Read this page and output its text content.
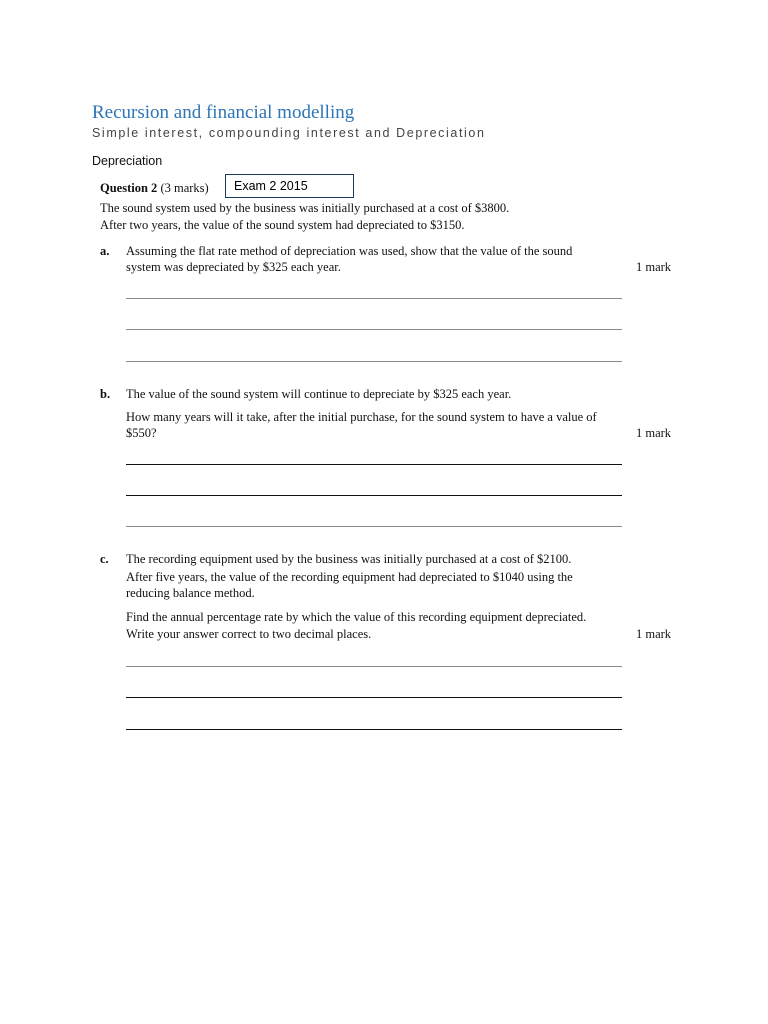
Recursion and financial modelling
Simple interest, compounding interest and Depreciation
Depreciation
Exam 2 2015
Question 2 (3 marks)
The sound system used by the business was initially purchased at a cost of $3800.
After two years, the value of the sound system had depreciated to $3150.
a. Assuming the flat rate method of depreciation was used, show that the value of the sound
system was depreciated by $325 each year.	1 mark
b. The value of the sound system will continue to depreciate by $325 each year.
How many years will it take, after the initial purchase, for the sound system to have a value of
$550?	1 mark
c. The recording equipment used by the business was initially purchased at a cost of $2100.
After five years, the value of the recording equipment had depreciated to $1040 using the
reducing balance method.
Find the annual percentage rate by which the value of this recording equipment depreciated.
Write your answer correct to two decimal places.	1 mark
